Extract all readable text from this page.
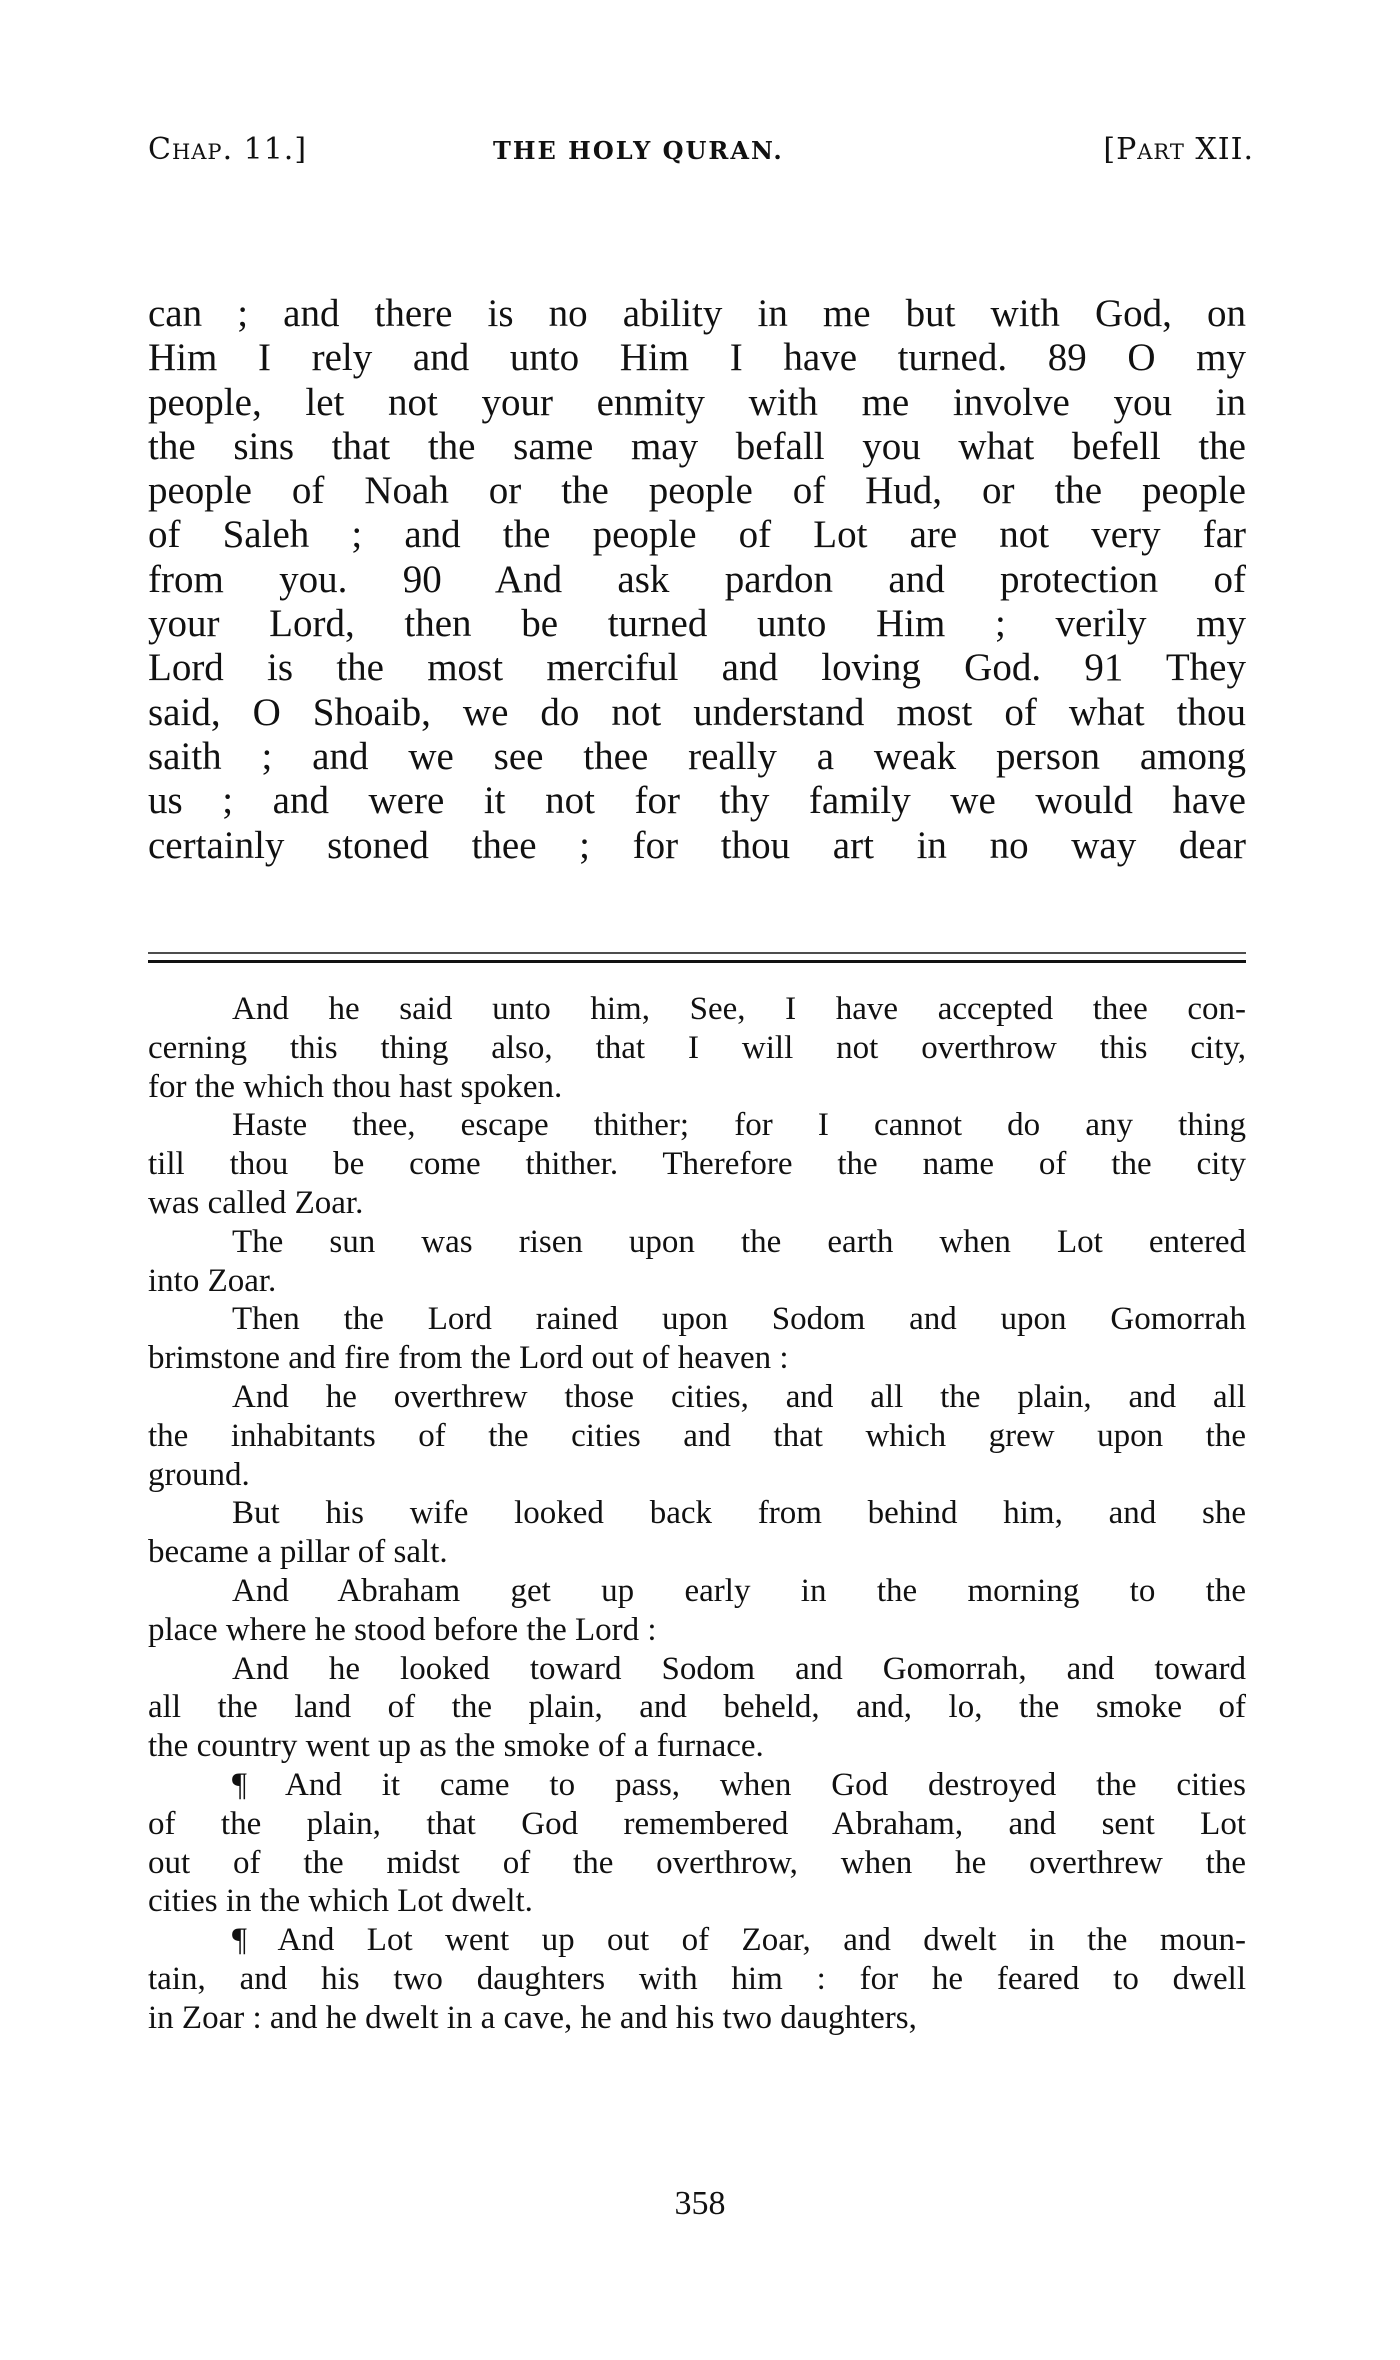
Chap. 11.]	THE HOLY QURAN.	[Part XII.
can ; and there is no ability in me but with God, on
Him I rely and unto Him I have turned. 89 O my
people, let not your enmity with me involve you in
the sins that the same may befall you what befell the
people of Noah or the people of Hud, or the people
of Saleh ; and the people of Lot are not very far
from you. 90 And ask pardon and protection of
your Lord, then be turned unto Him ; verily my
Lord is the most merciful and loving God. 91 They
said, O Shoaib, we do not understand most of what thou
saith ; and we see thee really a weak person among
us ; and were it not for thy family we would have
certainly stoned thee ; for thou art in no way dear
And he said unto him, See, I have accepted thee con-
cerning this thing also, that I will not overthrow this city,
for the which thou hast spoken.
Haste thee, escape thither; for I cannot do any thing
till thou be come thither. Therefore the name of the city
was called Zoar.
The sun was risen upon the earth when Lot entered
into Zoar.
Then the Lord rained upon Sodom and upon Gomorrah
brimstone and fire from the Lord out of heaven :
And he overthrew those cities, and all the plain, and all
the inhabitants of the cities and that which grew upon the
ground.
But his wife looked back from behind him, and she
became a pillar of salt.
And Abraham get up early in the morning to the
place where he stood before the Lord :
And he looked toward Sodom and Gomorrah, and toward
all the land of the plain, and beheld, and, lo, the smoke of
the country went up as the smoke of a furnace.
¶ And it came to pass, when God destroyed the cities
of the plain, that God remembered Abraham, and sent Lot
out of the midst of the overthrow, when he overthrew the
cities in the which Lot dwelt.
¶ And Lot went up out of Zoar, and dwelt in the moun-
tain, and his two daughters with him : for he feared to dwell
in Zoar : and he dwelt in a cave, he and his two daughters,
358
